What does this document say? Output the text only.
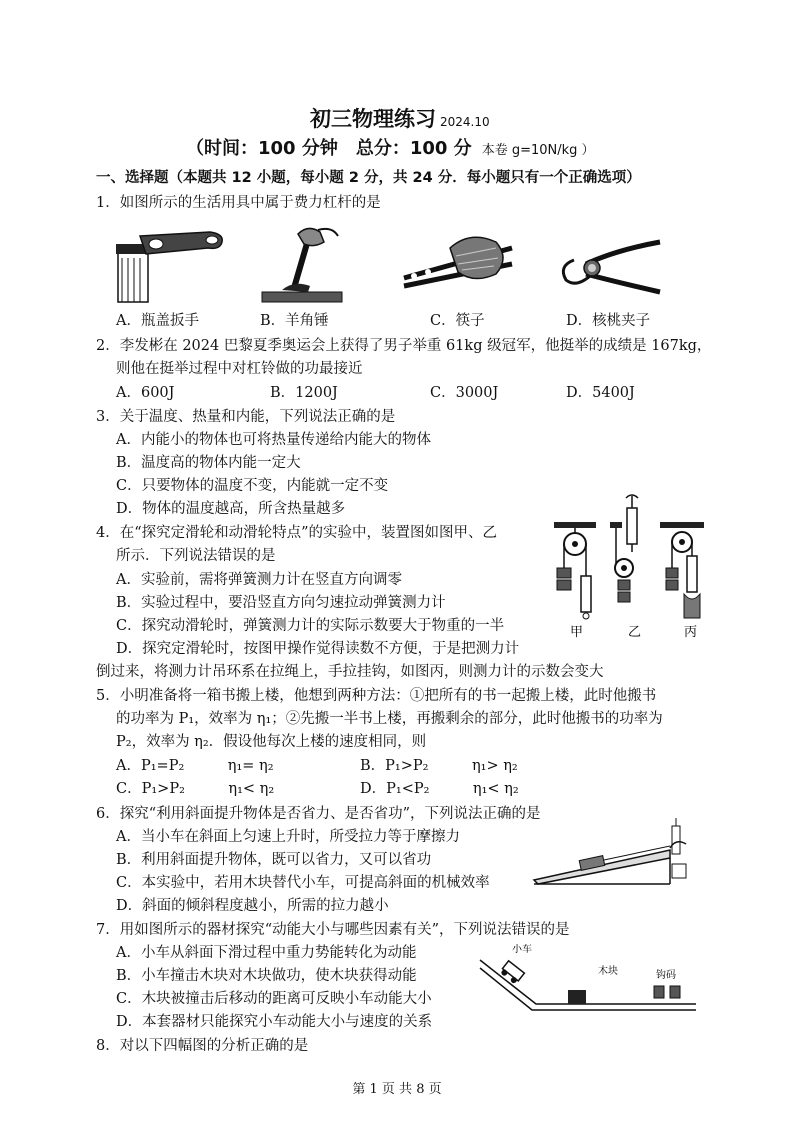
初三物理练习 2024.10
（时间：100 分钟　总分：100 分 本卷 g=10N/kg ）
一、选择题（本题共 12 小题，每小题 2 分，共 24 分．每小题只有一个正确选项）
1．如图所示的生活用具中属于费力杠杆的是
A．瓶盖扳手	B．羊角锤	C．筷子	D．核桃夹子
2．李发彬在 2024 巴黎夏季奥运会上获得了男子举重 61kg 级冠军，他挺举的成绩是 167kg，
则他在挺举过程中对杠铃做的功最接近
A．600J	B．1200J	C．3000J	D．5400J
3．关于温度、热量和内能，下列说法正确的是
A．内能小的物体也可将热量传递给内能大的物体
B．温度高的物体内能一定大
C．只要物体的温度不变，内能就一定不变
D．物体的温度越高，所含热量越多
4．在“探究定滑轮和动滑轮特点”的实验中，装置图如图甲、乙
所示．下列说法错误的是
A．实验前，需将弹簧测力计在竖直方向调零
B．实验过程中，要沿竖直方向匀速拉动弹簧测力计
C．探究动滑轮时，弹簧测力计的实际示数要大于物重的一半
D．探究定滑轮时，按图甲操作觉得读数不方便，于是把测力计
倒过来，将测力计吊环系在拉绳上，手拉挂钩，如图丙，则测力计的示数会变大
甲	乙	丙
5．小明准备将一箱书搬上楼，他想到两种方法：①把所有的书一起搬上楼，此时他搬书
的功率为 P₁，效率为 η₁；②先搬一半书上楼，再搬剩余的部分，此时他搬书的功率为
P₂，效率为 η₂．假设他每次上楼的速度相同，则
A．P₁=P₂　　　η₁= η₂	B．P₁>P₂　　　η₁> η₂
C．P₁>P₂　　　η₁< η₂	D．P₁<P₂　　　η₁< η₂
6．探究“利用斜面提升物体是否省力、是否省功”，下列说法正确的是
A．当小车在斜面上匀速上升时，所受拉力等于摩擦力
B．利用斜面提升物体，既可以省力，又可以省功
C．本实验中，若用木块替代小车，可提高斜面的机械效率
D．斜面的倾斜程度越小，所需的拉力越小
7．用如图所示的器材探究“动能大小与哪些因素有关”，下列说法错误的是
A．小车从斜面下滑过程中重力势能转化为动能
B．小车撞击木块对木块做功，使木块获得动能
C．木块被撞击后移动的距离可反映小车动能大小
D．本套器材只能探究小车动能大小与速度的关系
小车
木块	钩码
8．对以下四幅图的分析正确的是
第 1 页 共 8 页
